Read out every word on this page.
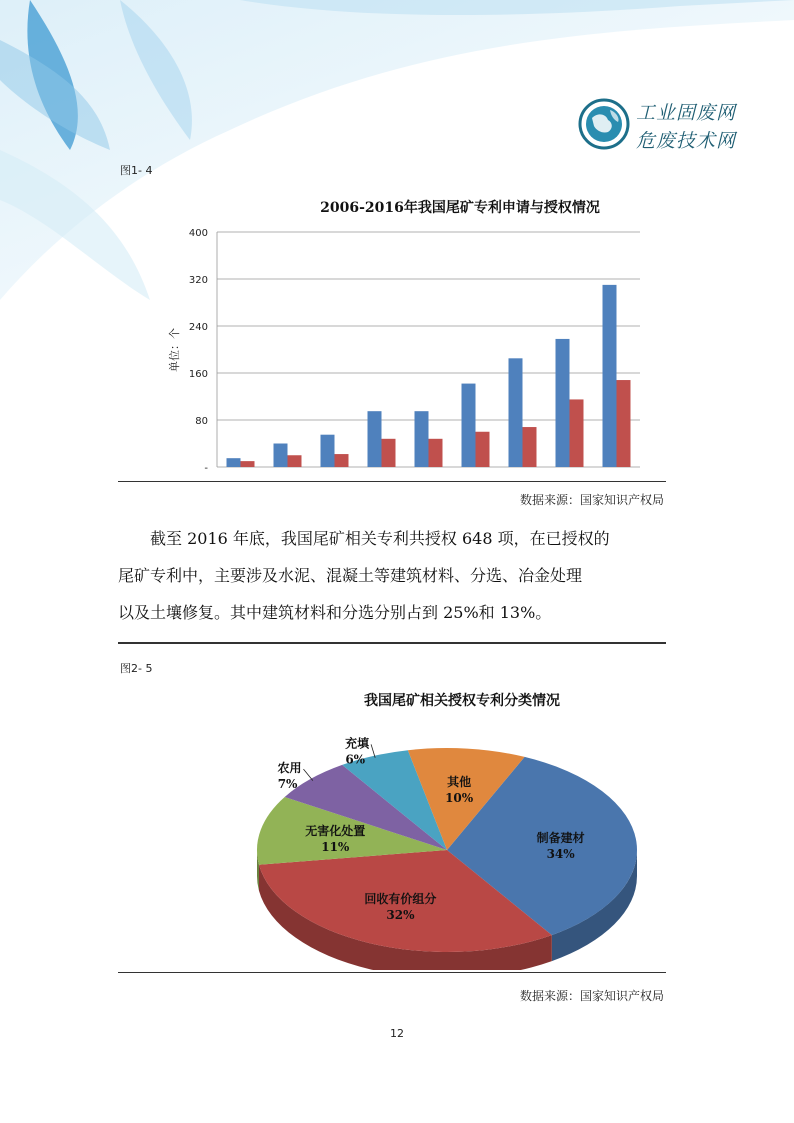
工业固废网
危废技术网
图1- 4
2006-2016年我国尾矿专利申请与授权情况
单位：个
-
80
160
240
320
400
数据来源：国家知识产权局
截至 2016 年底，我国尾矿相关专利共授权 648 项，在已授权的
尾矿专利中，主要涉及水泥、混凝土等建筑材料、分选、冶金处理
以及土壤修复。其中建筑材料和分选分别占到 25%和 13%。
图2- 5
我国尾矿相关授权专利分类情况
制备建材
34%
回收有价组分
32%
无害化处置
11%
农用
7%
充填
6%
其他
10%
数据来源：国家知识产权局
12
